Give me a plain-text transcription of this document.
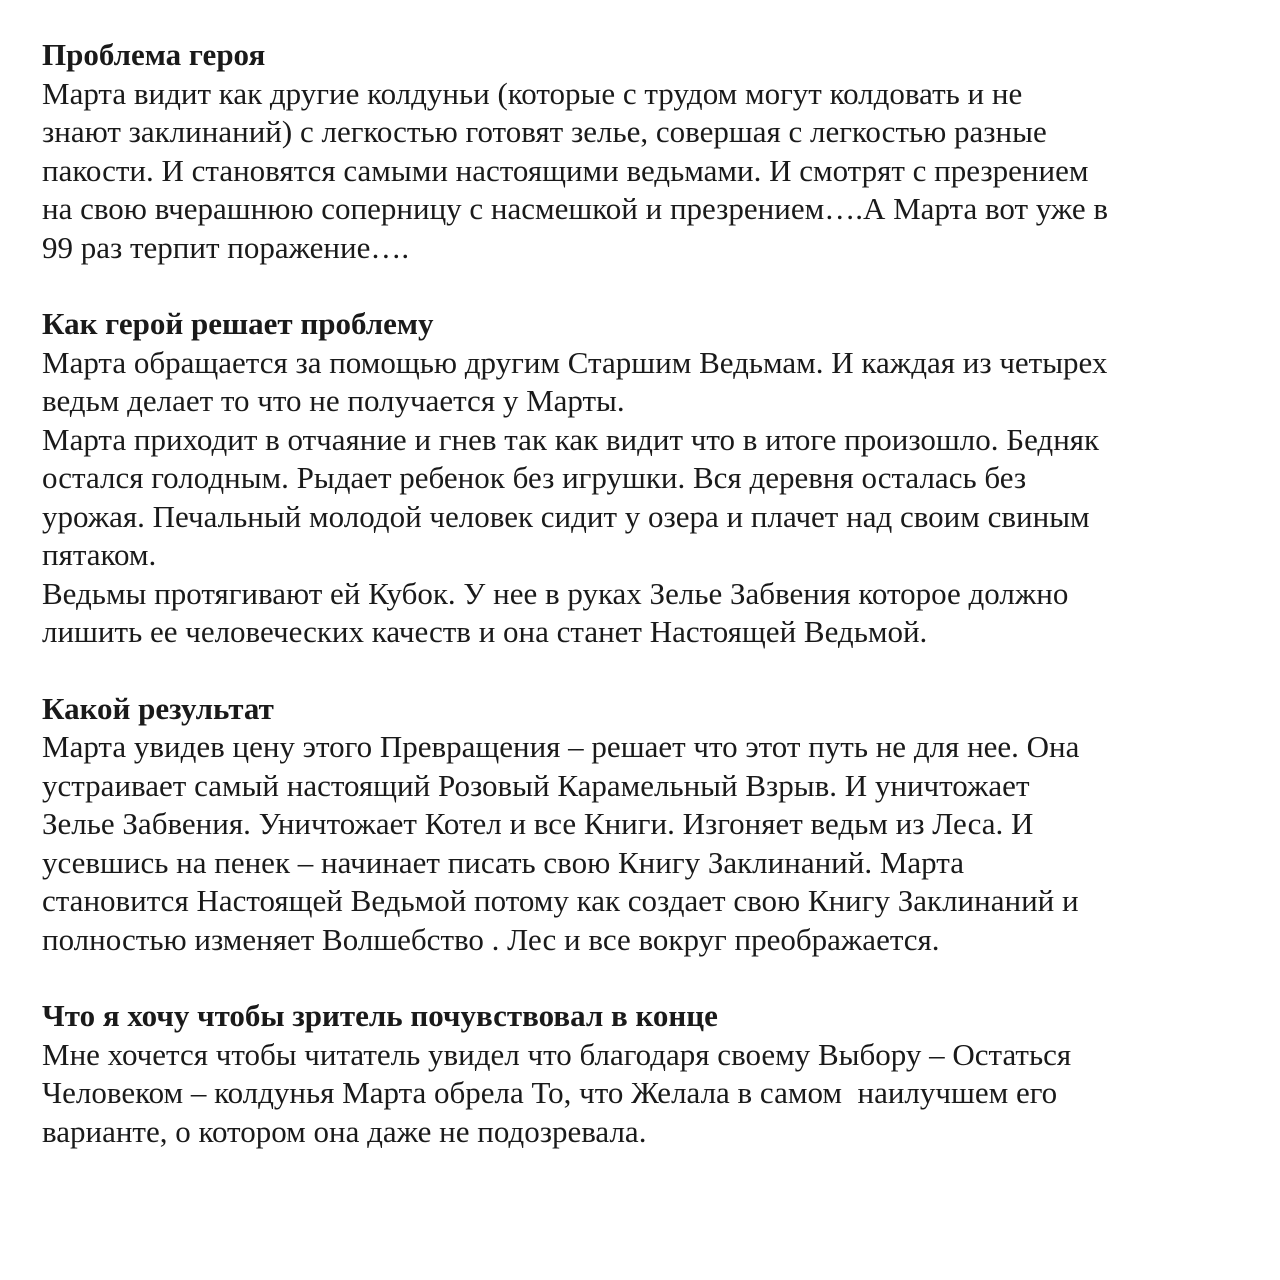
Проблема героя
Марта видит как другие колдуньи (которые с трудом могут колдовать и не
знают заклинаний) с легкостью готовят зелье, совершая с легкостью разные
пакости. И становятся самыми настоящими ведьмами. И смотрят с презрением
на свою вчерашнюю соперницу с насмешкой и презрением….А Марта вот уже в
99 раз терпит поражение….
Как герой решает проблему
Марта обращается за помощью другим Старшим Ведьмам. И каждая из четырех
ведьм делает то что не получается у Марты.
Марта приходит в отчаяние и гнев так как видит что в итоге произошло. Бедняк
остался голодным. Рыдает ребенок без игрушки. Вся деревня осталась без
урожая. Печальный молодой человек сидит у озера и плачет над своим свиным
пятаком.
Ведьмы протягивают ей Кубок. У нее в руках Зелье Забвения которое должно
лишить ее человеческих качеств и она станет Настоящей Ведьмой.
Какой результат
Марта увидев цену этого Превращения – решает что этот путь не для нее. Она
устраивает самый настоящий Розовый Карамельный Взрыв. И уничтожает
Зелье Забвения. Уничтожает Котел и все Книги. Изгоняет ведьм из Леса. И
усевшись на пенек – начинает писать свою Книгу Заклинаний. Марта
становится Настоящей Ведьмой потому как создает свою Книгу Заклинаний и
полностью изменяет Волшебство . Лес и все вокруг преображается.
Что я хочу чтобы зритель почувствовал в конце
Мне хочется чтобы читатель увидел что благодаря своему Выбору – Остаться
Человеком – колдунья Марта обрела То, что Желала в самом  наилучшем его
варианте, о котором она даже не подозревала.
